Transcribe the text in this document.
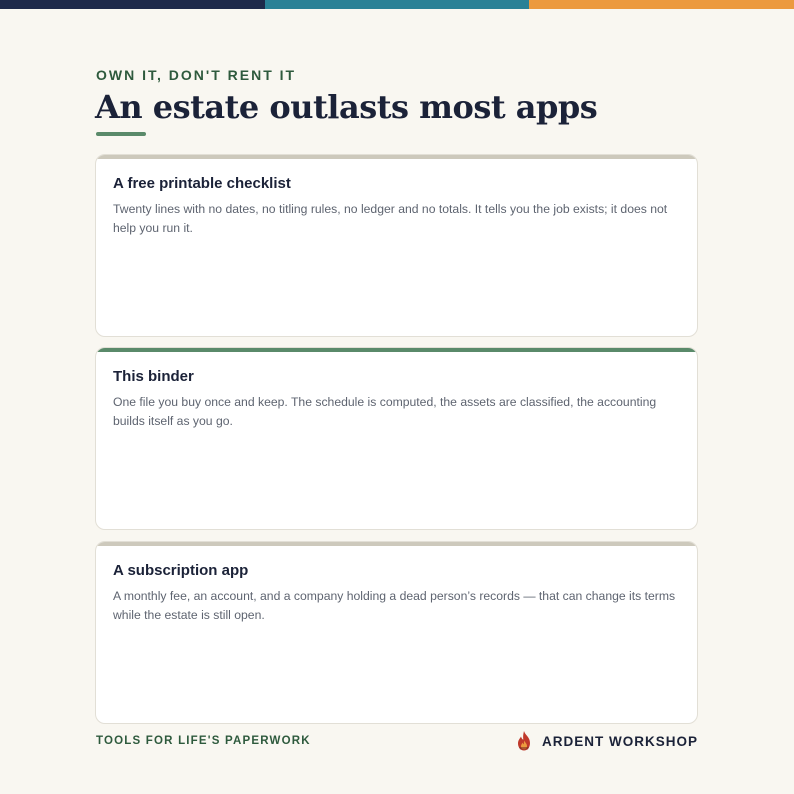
OWN IT, DON'T RENT IT
An estate outlasts most apps
A free printable checklist
Twenty lines with no dates, no titling rules, no ledger and no totals. It tells you the job exists; it does not help you run it.
This binder
One file you buy once and keep. The schedule is computed, the assets are classified, the accounting builds itself as you go.
A subscription app
A monthly fee, an account, and a company holding a dead person’s records — that can change its terms while the estate is still open.
TOOLS FOR LIFE'S PAPERWORK	ARDENT WORKSHOP
